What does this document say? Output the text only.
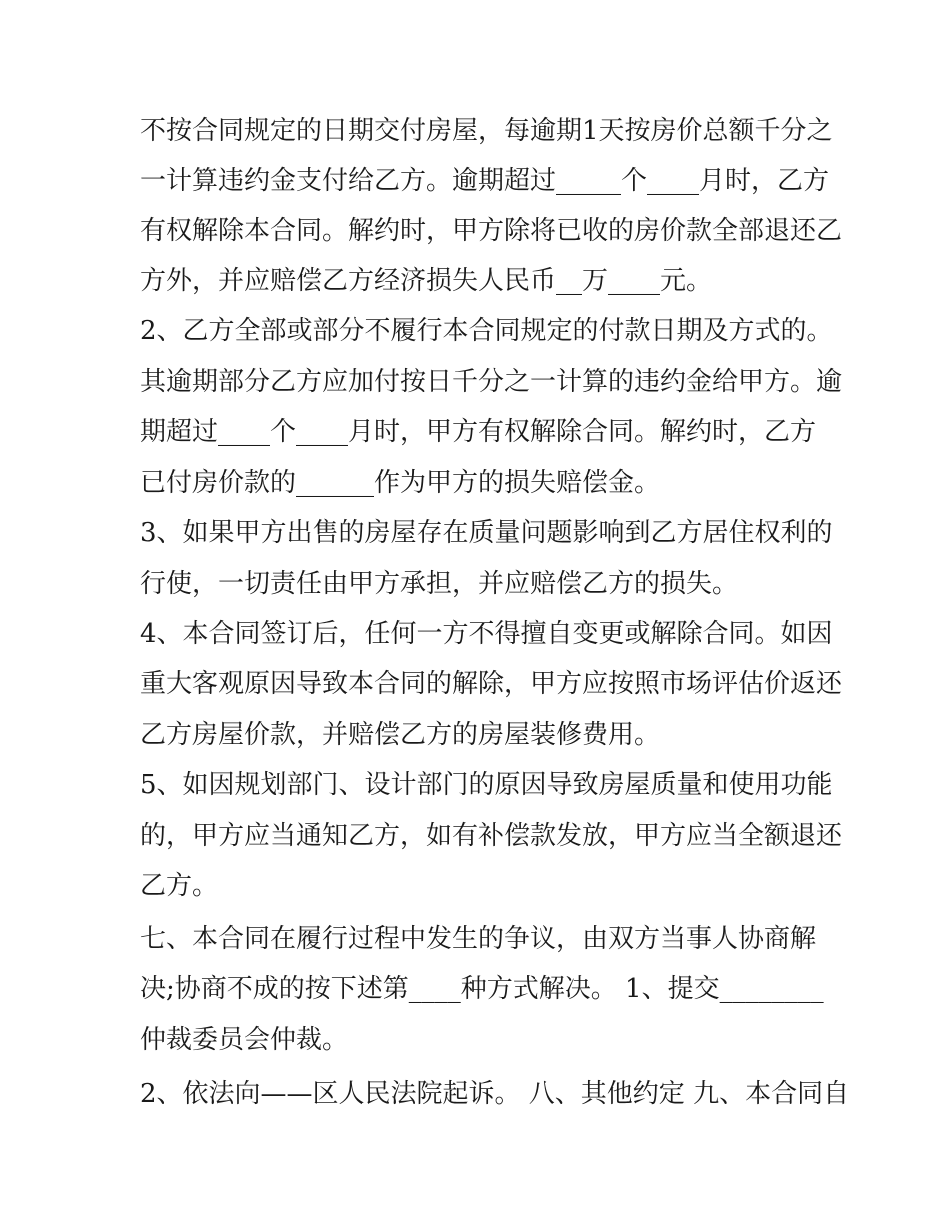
不按合同规定的日期交付房屋，每逾期1天按房价总额千分之
一计算违约金支付给乙方。逾期超过_____个____月时，乙方
有权解除本合同。解约时，甲方除将已收的房价款全部退还乙
方外，并应赔偿乙方经济损失人民币__万____元。
2、乙方全部或部分不履行本合同规定的付款日期及方式的。
其逾期部分乙方应加付按日千分之一计算的违约金给甲方。逾
期超过____个____月时，甲方有权解除合同。解约时，乙方
已付房价款的______作为甲方的损失赔偿金。
3、如果甲方出售的房屋存在质量问题影响到乙方居住权利的
行使，一切责任由甲方承担，并应赔偿乙方的损失。
4、本合同签订后，任何一方不得擅自变更或解除合同。如因
重大客观原因导致本合同的解除，甲方应按照市场评估价返还
乙方房屋价款，并赔偿乙方的房屋装修费用。
5、如因规划部门、设计部门的原因导致房屋质量和使用功能
的，甲方应当通知乙方，如有补偿款发放，甲方应当全额退还
乙方。
七、本合同在履行过程中发生的争议，由双方当事人协商解
决;协商不成的按下述第____种方式解决。 1、提交________
仲裁委员会仲裁。
2、依法向——区人民法院起诉。 八、其他约定 九、本合同自
